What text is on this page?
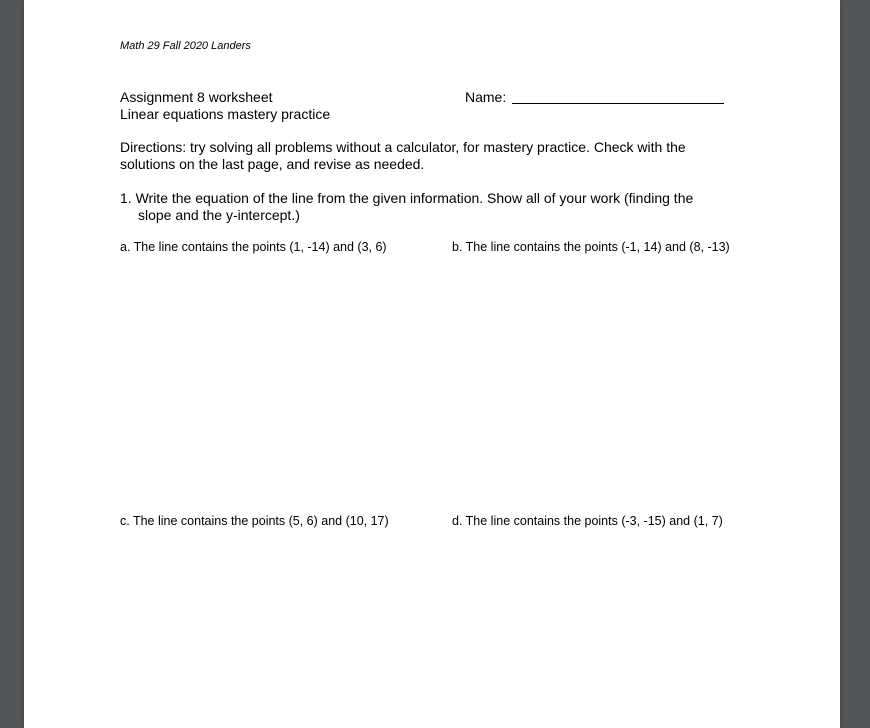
Math 29 Fall 2020 Landers
Assignment 8 worksheet
Linear equations mastery practice
Name:
Directions: try solving all problems without a calculator, for mastery practice. Check with the
solutions on the last page, and revise as needed.
1. Write the equation of the line from the given information. Show all of your work (finding the
slope and the y-intercept.)
a. The line contains the points (1, -14) and (3, 6)	b. The line contains the points (-1, 14) and (8, -13)
c. The line contains the points (5, 6) and (10, 17)	d. The line contains the points (-3, -15) and (1, 7)
